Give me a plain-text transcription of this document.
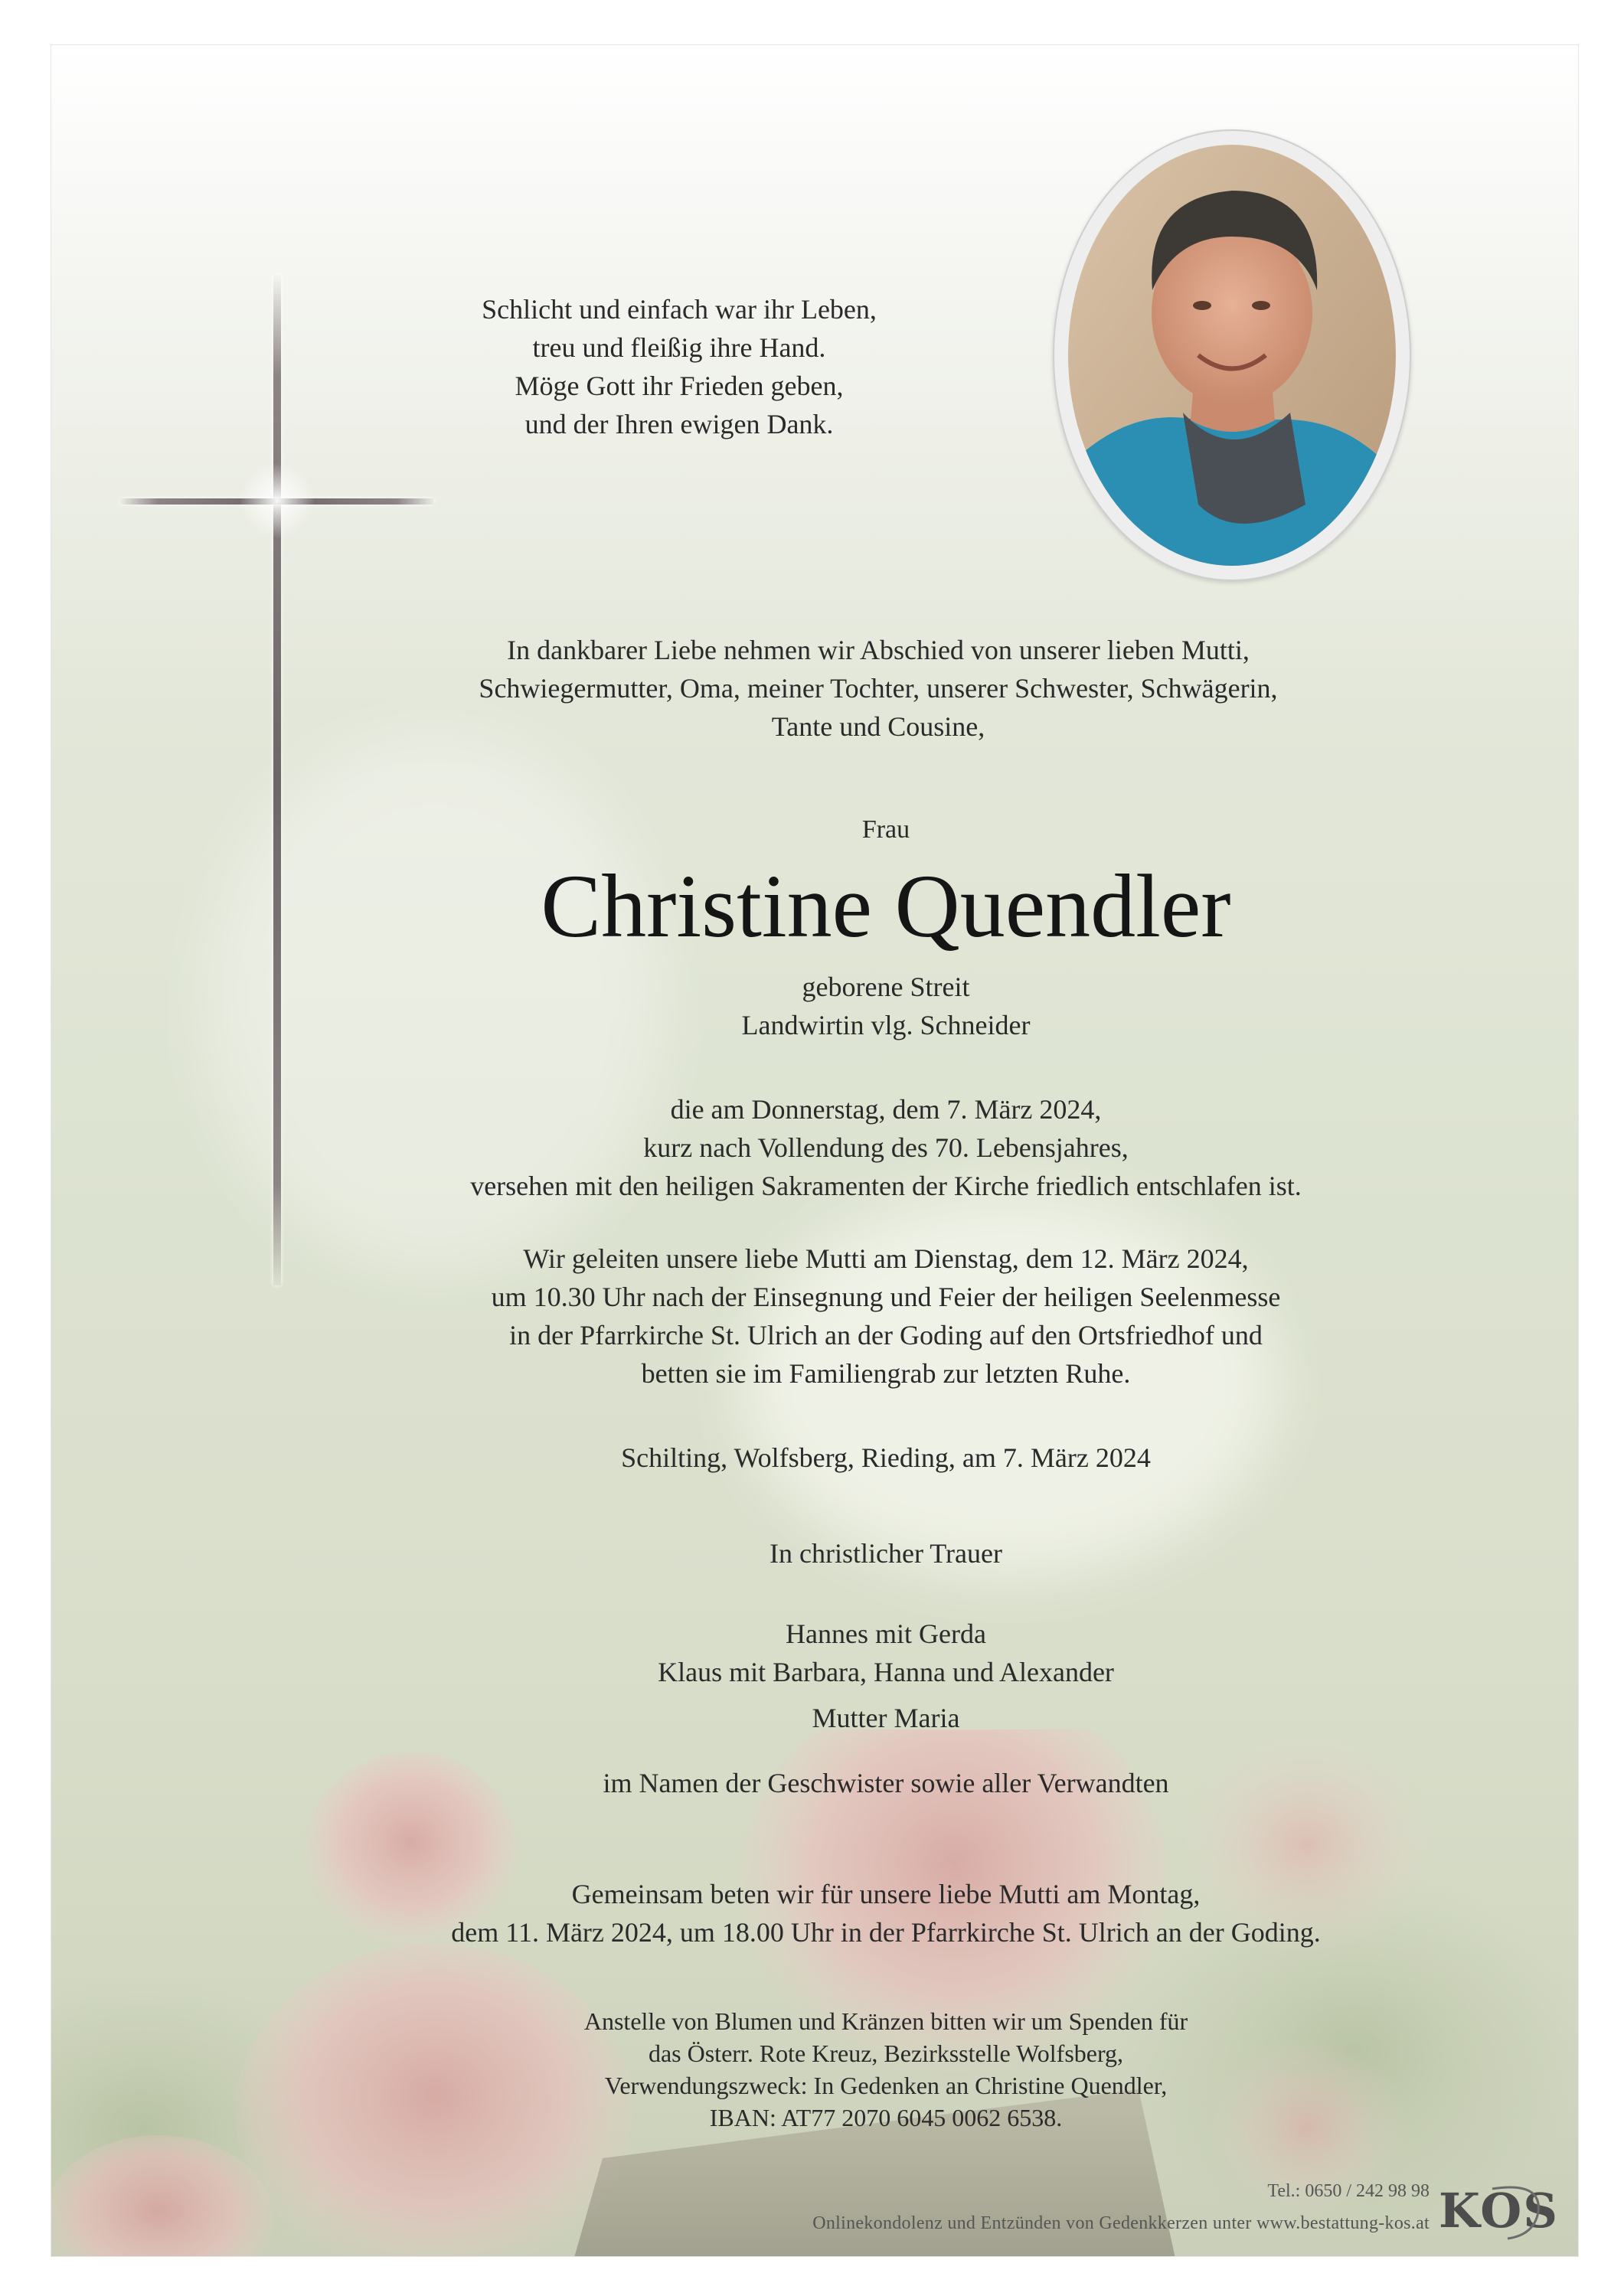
Schlicht und einfach war ihr Leben,
treu und fleißig ihre Hand.
Möge Gott ihr Frieden geben,
und der Ihren ewigen Dank.

In dankbarer Liebe nehmen wir Abschied von unserer lieben Mutti,
Schwiegermutter, Oma, meiner Tochter, unserer Schwester, Schwägerin,
Tante und Cousine,

Frau

Christine Quendler

geborene Streit
Landwirtin vlg. Schneider

die am Donnerstag, dem 7. März 2024,
kurz nach Vollendung des 70. Lebensjahres,
versehen mit den heiligen Sakramenten der Kirche friedlich entschlafen ist.

Wir geleiten unsere liebe Mutti am Dienstag, dem 12. März 2024,
um 10.30 Uhr nach der Einsegnung und Feier der heiligen Seelenmesse
in der Pfarrkirche St. Ulrich an der Goding auf den Ortsfriedhof und
betten sie im Familiengrab zur letzten Ruhe.

Schilting, Wolfsberg, Rieding, am 7. März 2024

In christlicher Trauer

Hannes mit Gerda
Klaus mit Barbara, Hanna und Alexander

Mutter Maria

im Namen der Geschwister sowie aller Verwandten

Gemeinsam beten wir für unsere liebe Mutti am Montag,
dem 11. März 2024, um 18.00 Uhr in der Pfarrkirche St. Ulrich an der Goding.

Anstelle von Blumen und Kränzen bitten wir um Spenden für
das Österr. Rote Kreuz, Bezirksstelle Wolfsberg,
Verwendungszweck: In Gedenken an Christine Quendler,
IBAN: AT77 2070 6045 0062 6538.

Tel.: 0650 / 242 98 98

Onlinekondolenz und Entzünden von Gedenkkerzen unter www.bestattung-kos.at KOS
